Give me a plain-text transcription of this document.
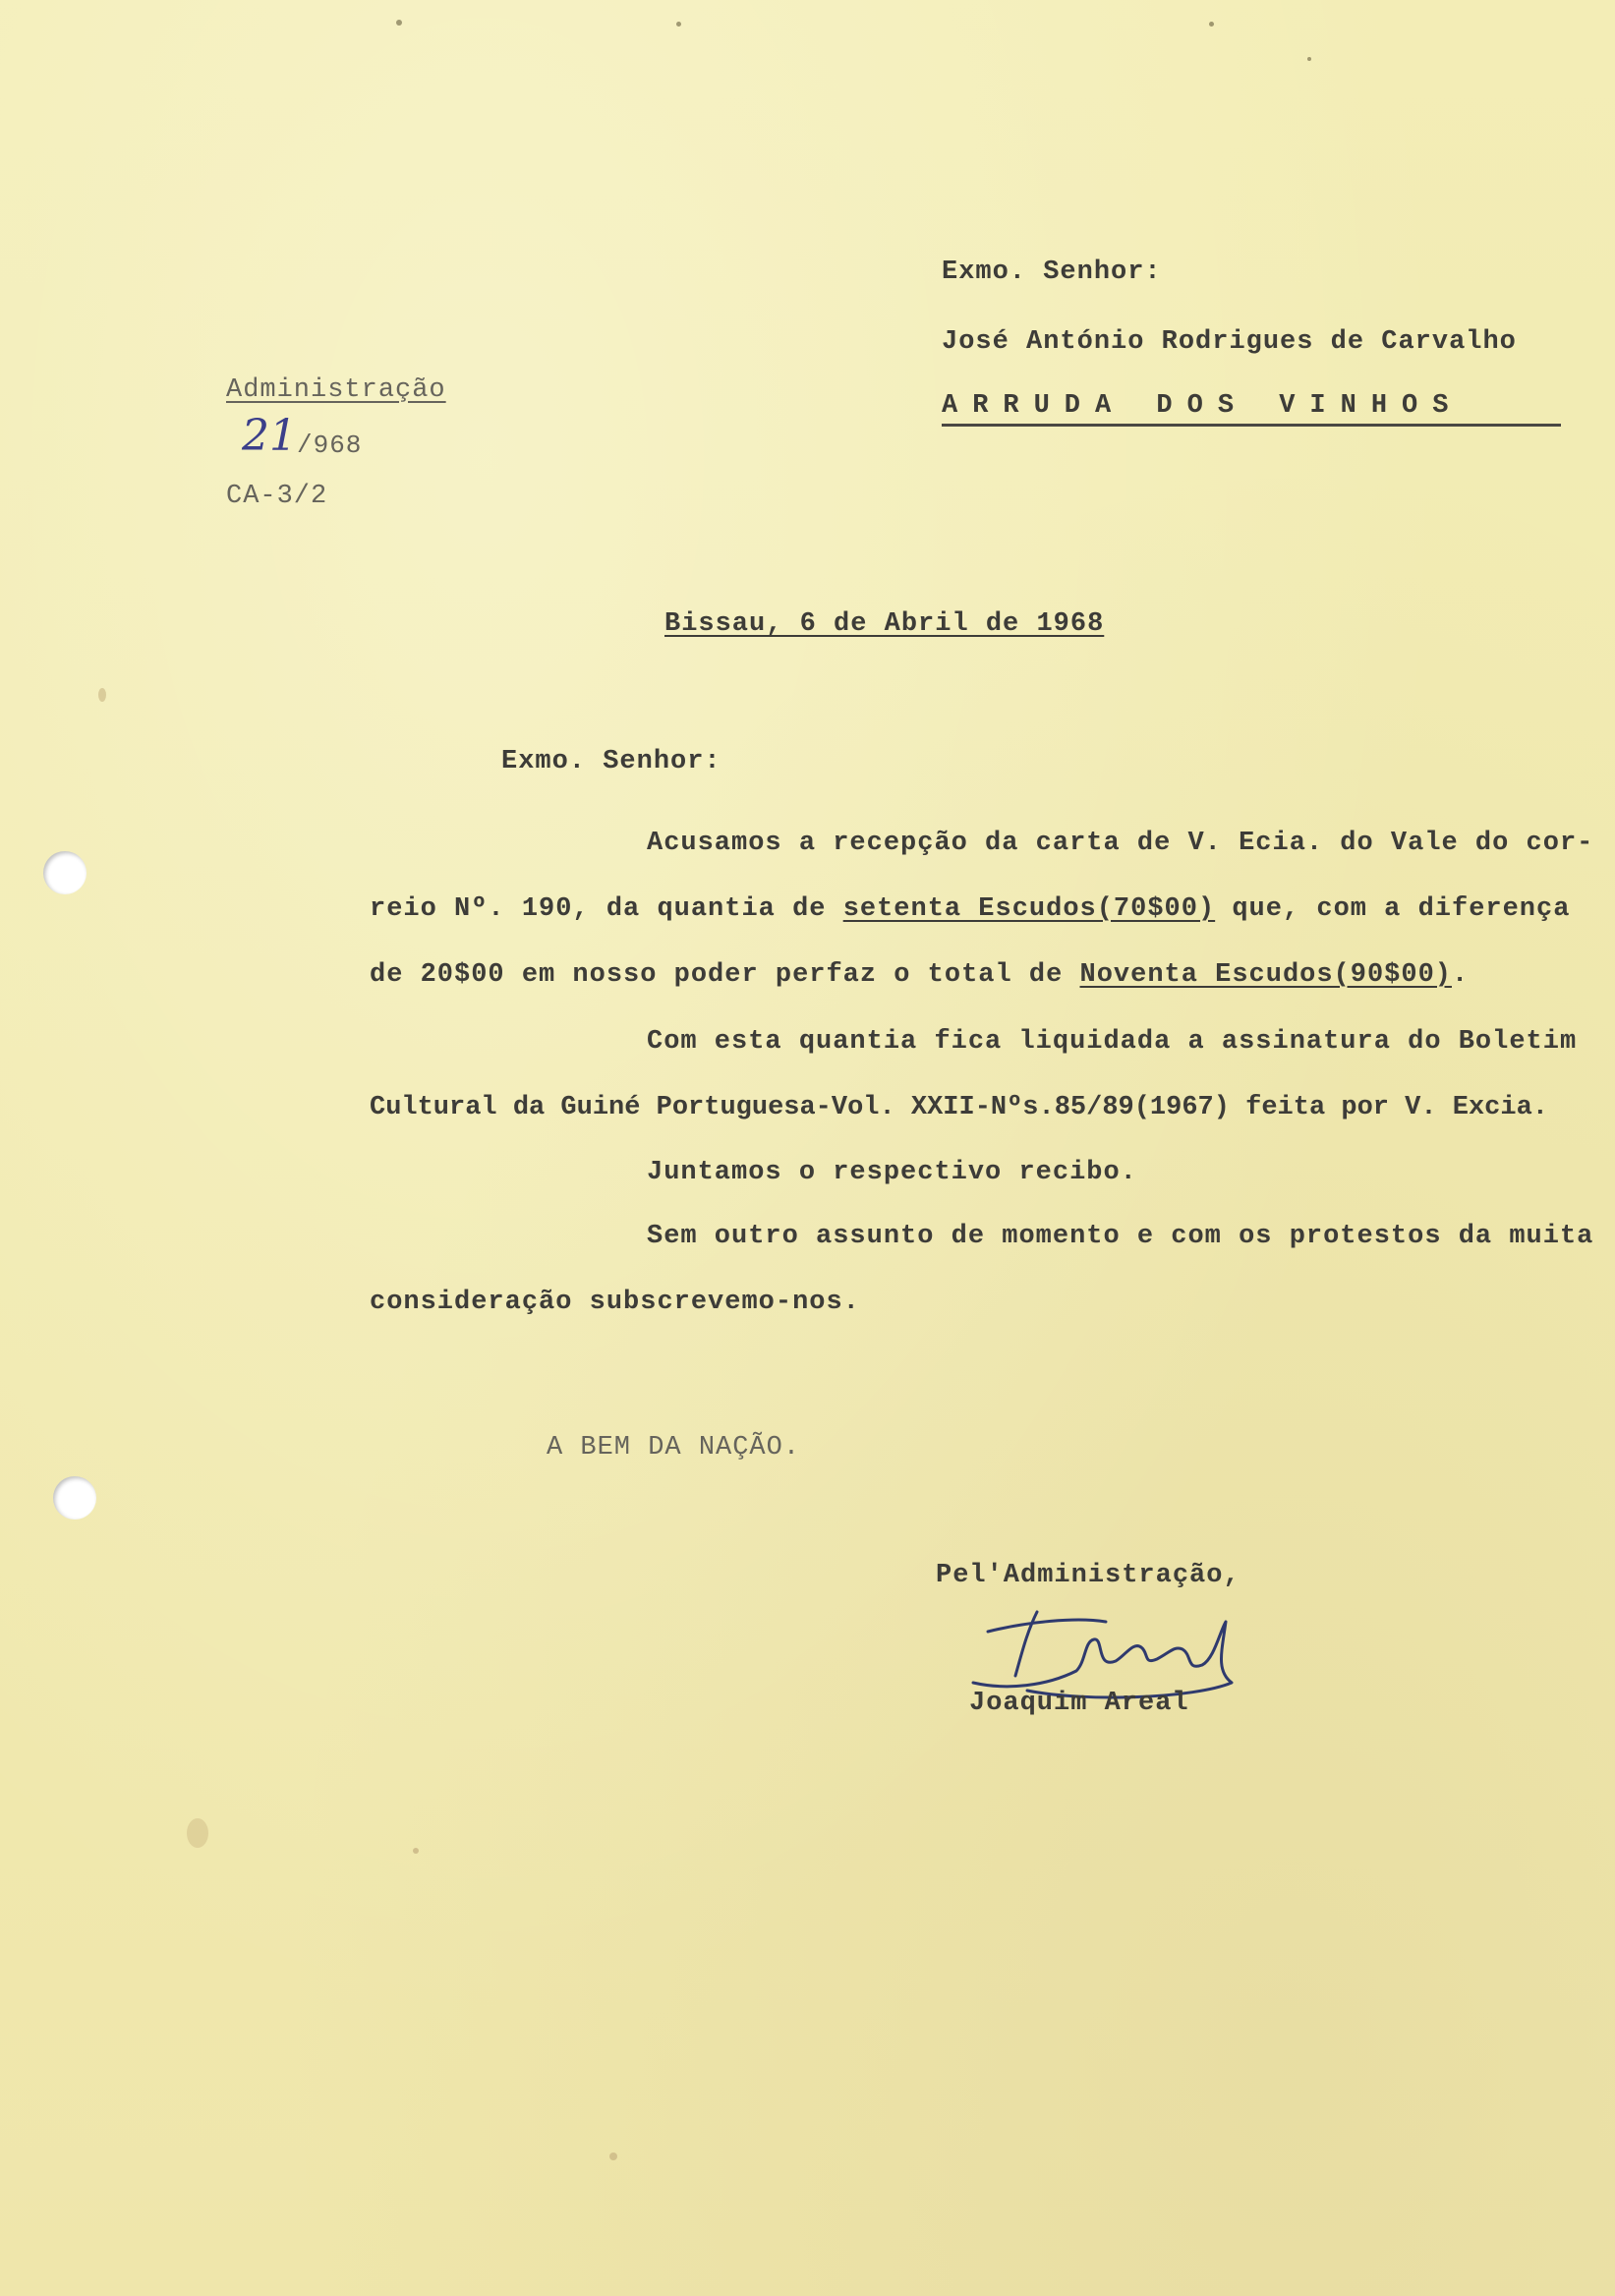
Exmo. Senhor:
José António Rodrigues de Carvalho
ARRUDA DOS VINHOS
Administração
21 /968
CA-3/2
Bissau, 6 de Abril de 1968
Exmo. Senhor:
Acusamos a recepção da carta de V. Ecia. do Vale do cor-
reio Nº. 190, da quantia de setenta Escudos(70$00) que, com a diferença
de 20$00 em nosso poder perfaz o total de Noventa Escudos(90$00).
Com esta quantia fica liquidada a assinatura do Boletim
Cultural da Guiné Portuguesa-Vol. XXII-Nºs.85/89(1967) feita por V. Excia.
Juntamos o respectivo recibo.
Sem outro assunto de momento e com os protestos da muita
consideração subscrevemo-nos.
A BEM DA NAÇÃO.
Pel'Administração,
Joaquim Areal
